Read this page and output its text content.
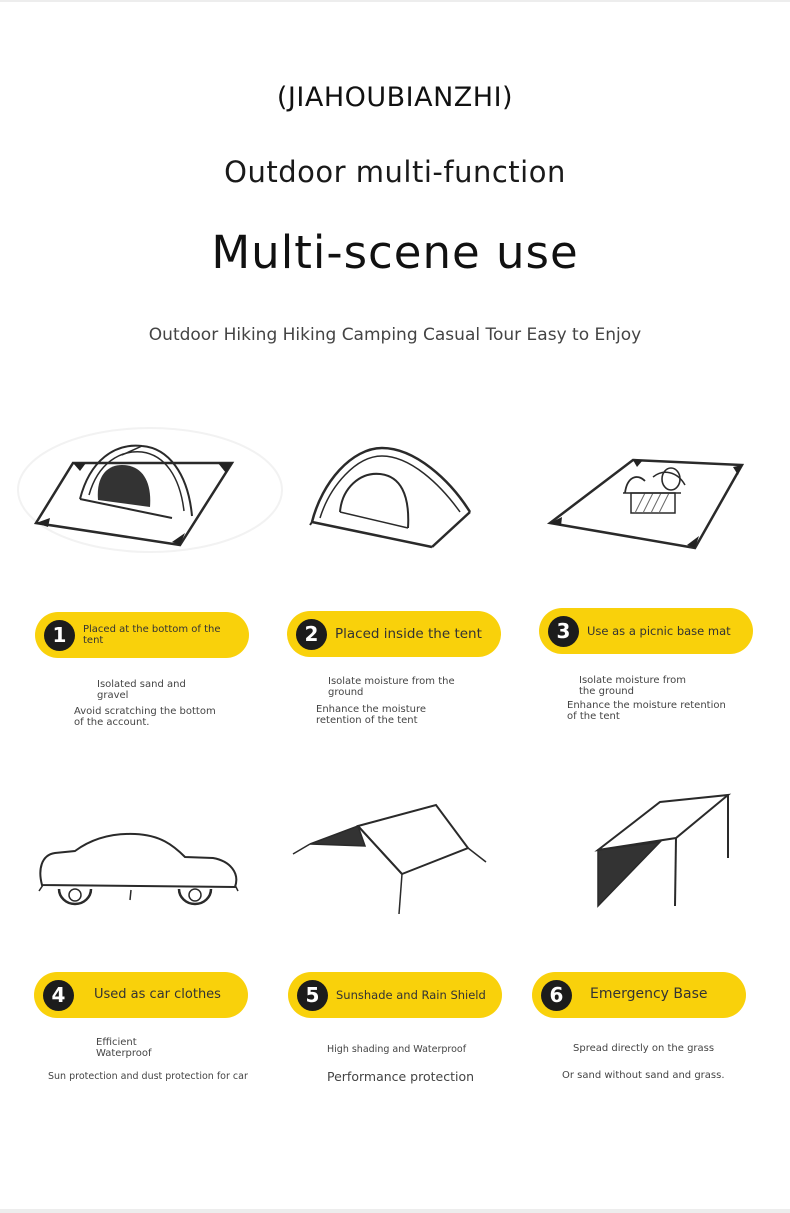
(JIAHOUBIANZHI)
Outdoor multi-function
Multi-scene use
Outdoor Hiking Hiking Camping Casual Tour Easy to Enjoy
1	Placed at the bottom of the tent
Isolated sand and gravel
Avoid scratching the bottom of the account.
2	Placed inside the tent
Isolate moisture from the ground
Enhance the moisture retention of the tent
3	Use as a picnic base mat
Isolate moisture from the ground
Enhance the moisture retention of the tent
4	Used as car clothes
Efficient Waterproof
Sun protection and dust protection for car
5	Sunshade and Rain Shield
High shading and Waterproof
Performance protection
6	Emergency Base
Spread directly on the grass
Or sand without sand and grass.
